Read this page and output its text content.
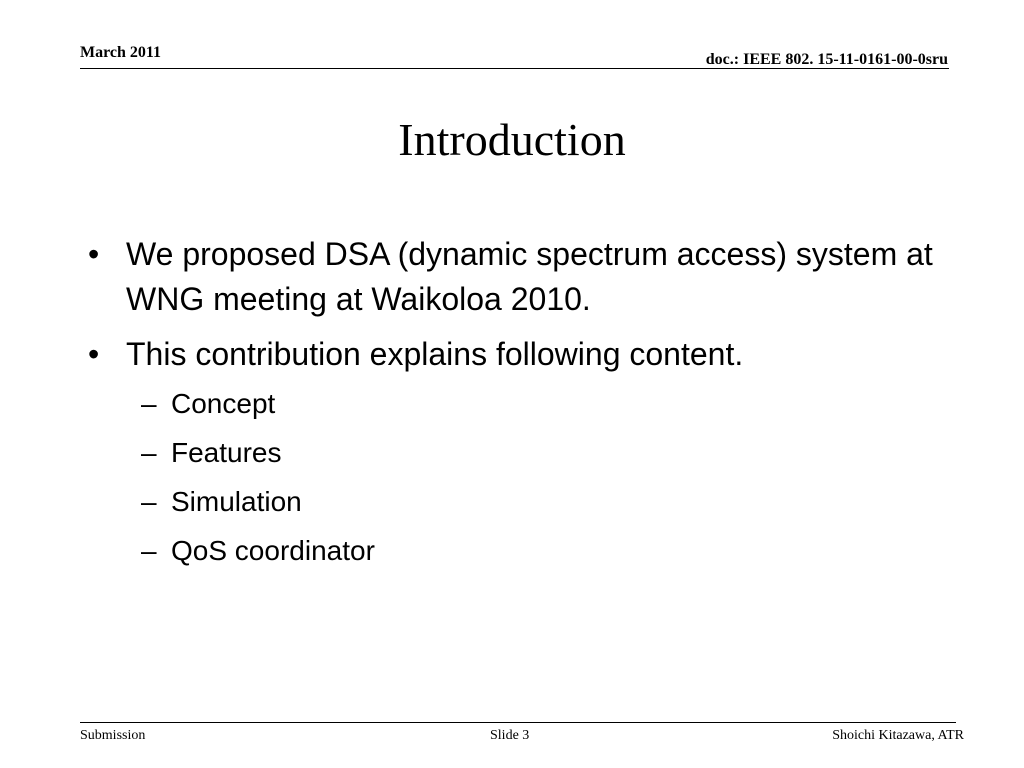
March 2011	doc.: IEEE 802. 15-11-0161-00-0sru
Introduction
• We proposed DSA (dynamic spectrum access) system at WNG meeting at Waikoloa 2010.
• This contribution explains following content.
– Concept
– Features
– Simulation
– QoS coordinator
Submission	Slide 3	Shoichi Kitazawa, ATR
